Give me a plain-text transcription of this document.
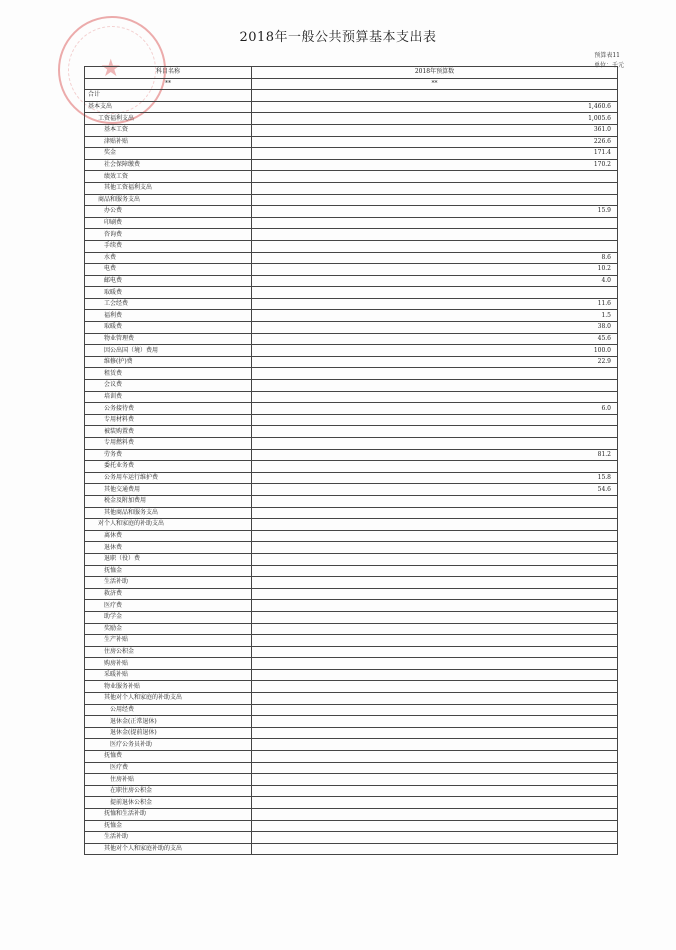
★
2018年一般公共预算基本支出表
预算表11
单位：千元
科目名称	2018年预算数
**	**
合计	
基本支出	1,460.6
工资福利支出	1,005.6
基本工资	361.0
津贴补贴	226.6
奖金	171.4
社会保障缴费	170.2
绩效工资	
其他工资福利支出	
商品和服务支出	
办公费	15.9
印刷费	
咨询费	
手续费	
水费	8.6
电费	10.2
邮电费	4.0
取暖费	
工会经费	11.6
福利费	1.5
取暖费	38.0
物业管理费	45.6
因公出国（境）费用	100.0
维修(护)费	22.9
租赁费	
会议费	
培训费	
公务接待费	6.0
专用材料费	
被装购置费	
专用燃料费	
劳务费	81.2
委托业务费	
公务用车运行维护费	15.8
其他交通费用	54.6
税金及附加费用	
其他商品和服务支出	
对个人和家庭的补助支出	
离休费	
退休费	
退职（役）费	
抚恤金	
生活补助	
救济费	
医疗费	
助学金	
奖励金	
生产补贴	
住房公积金	
购房补贴	
采暖补贴	
物业服务补贴	
其他对个人和家庭的补助支出	
公用经费	
退休金(正常退休)	
退休金(提前退休)	
医疗公务员补助	
抚恤费	
医疗费	
住房补贴	
在职住房公积金	
提前退休公积金	
抚恤和生活补助	
抚恤金	
生活补助	
其他对个人和家庭补助的支出	
